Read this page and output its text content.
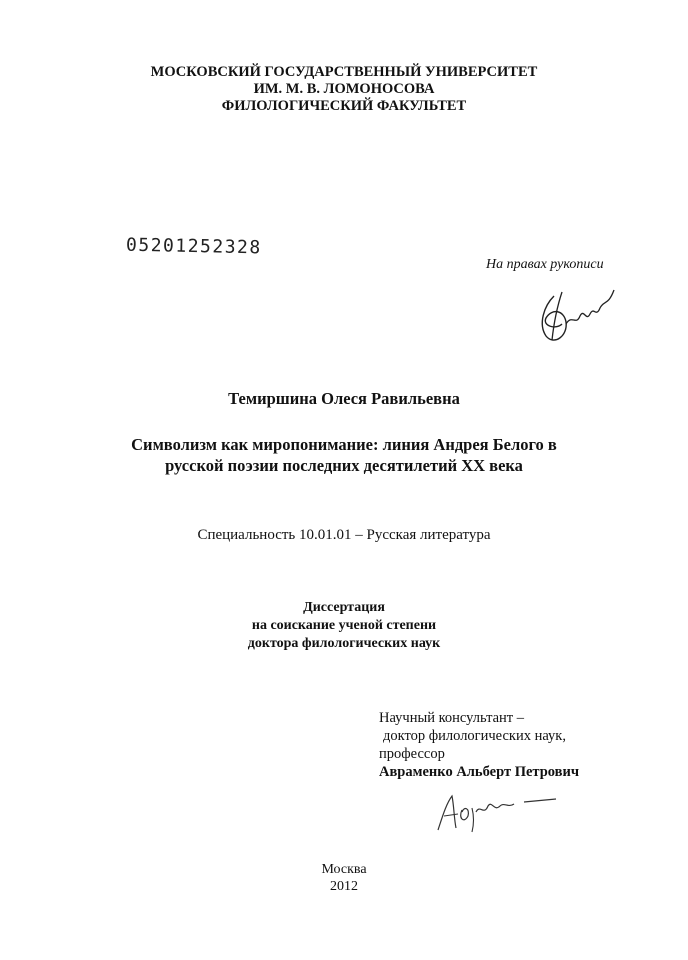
МОСКОВСКИЙ ГОСУДАРСТВЕННЫЙ УНИВЕРСИТЕТ
ИМ. М. В. ЛОМОНОСОВА
ФИЛОЛОГИЧЕСКИЙ ФАКУЛЬТЕТ
05201252328
На правах рукописи
Темиршина Олеся Равильевна
Символизм как миропонимание: линия Андрея Белого в
русской поэзии последних десятилетий XX века
Специальность 10.01.01 – Русская литература
Диссертация
на соискание ученой степени
доктора филологических наук
Научный консультант –
доктор филологических наук,
профессор
Авраменко Альберт Петрович
Москва
2012
